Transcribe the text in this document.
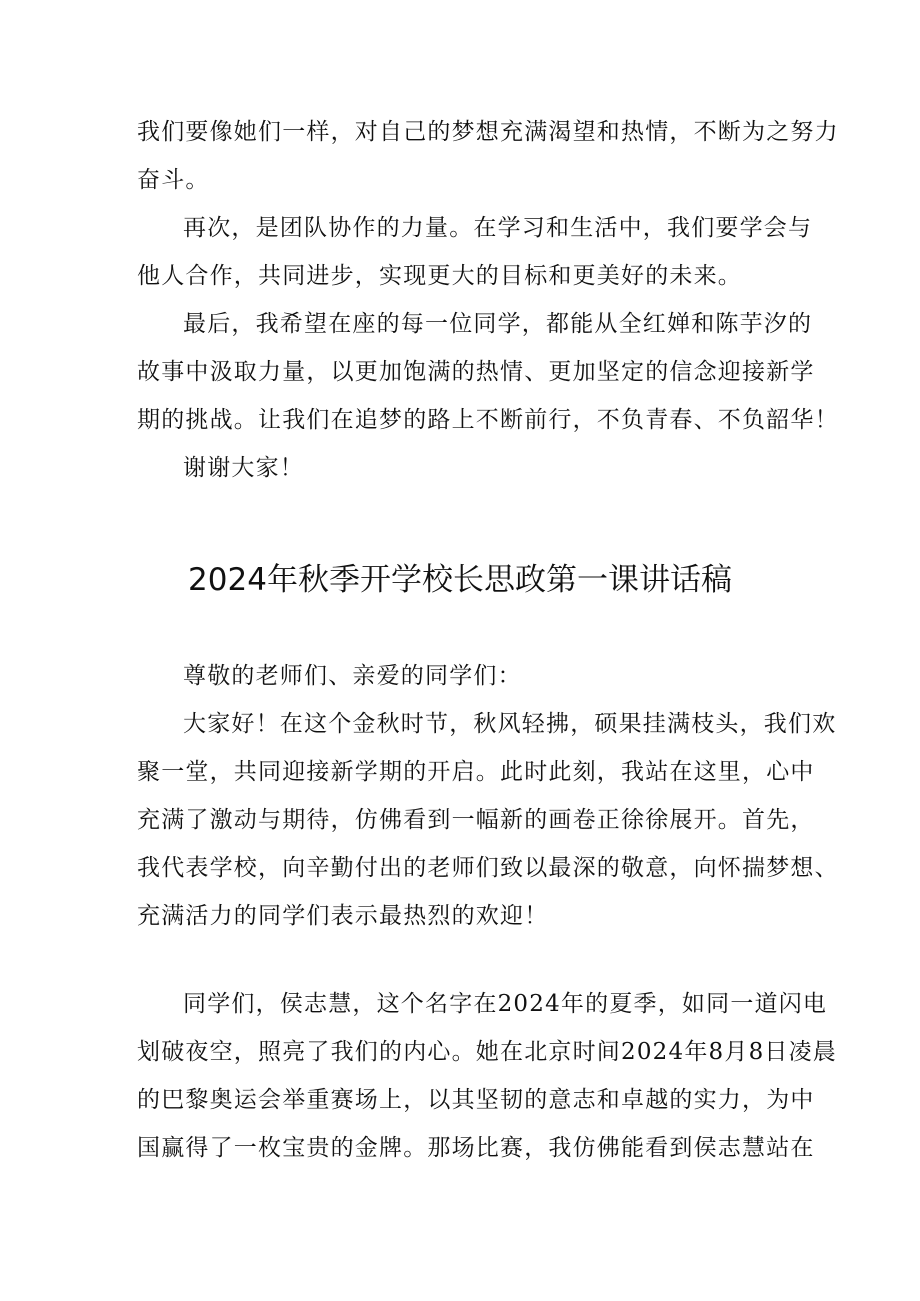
我们要像她们一样，对自己的梦想充满渴望和热情，不断为之努力
奋斗。
再次，是团队协作的力量。在学习和生活中，我们要学会与
他人合作，共同进步，实现更大的目标和更美好的未来。
最后，我希望在座的每一位同学，都能从全红婵和陈芋汐的
故事中汲取力量，以更加饱满的热情、更加坚定的信念迎接新学
期的挑战。让我们在追梦的路上不断前行，不负青春、不负韶华！
谢谢大家！
2024年秋季开学校长思政第一课讲话稿
尊敬的老师们、亲爱的同学们：
大家好！在这个金秋时节，秋风轻拂，硕果挂满枝头，我们欢
聚一堂，共同迎接新学期的开启。此时此刻，我站在这里，心中
充满了激动与期待，仿佛看到一幅新的画卷正徐徐展开。首先，
我代表学校，向辛勤付出的老师们致以最深的敬意，向怀揣梦想、
充满活力的同学们表示最热烈的欢迎！
同学们，侯志慧，这个名字在2024年的夏季，如同一道闪电
划破夜空，照亮了我们的内心。她在北京时间2024年8月8日凌晨
的巴黎奥运会举重赛场上，以其坚韧的意志和卓越的实力，为中
国赢得了一枚宝贵的金牌。那场比赛，我仿佛能看到侯志慧站在
